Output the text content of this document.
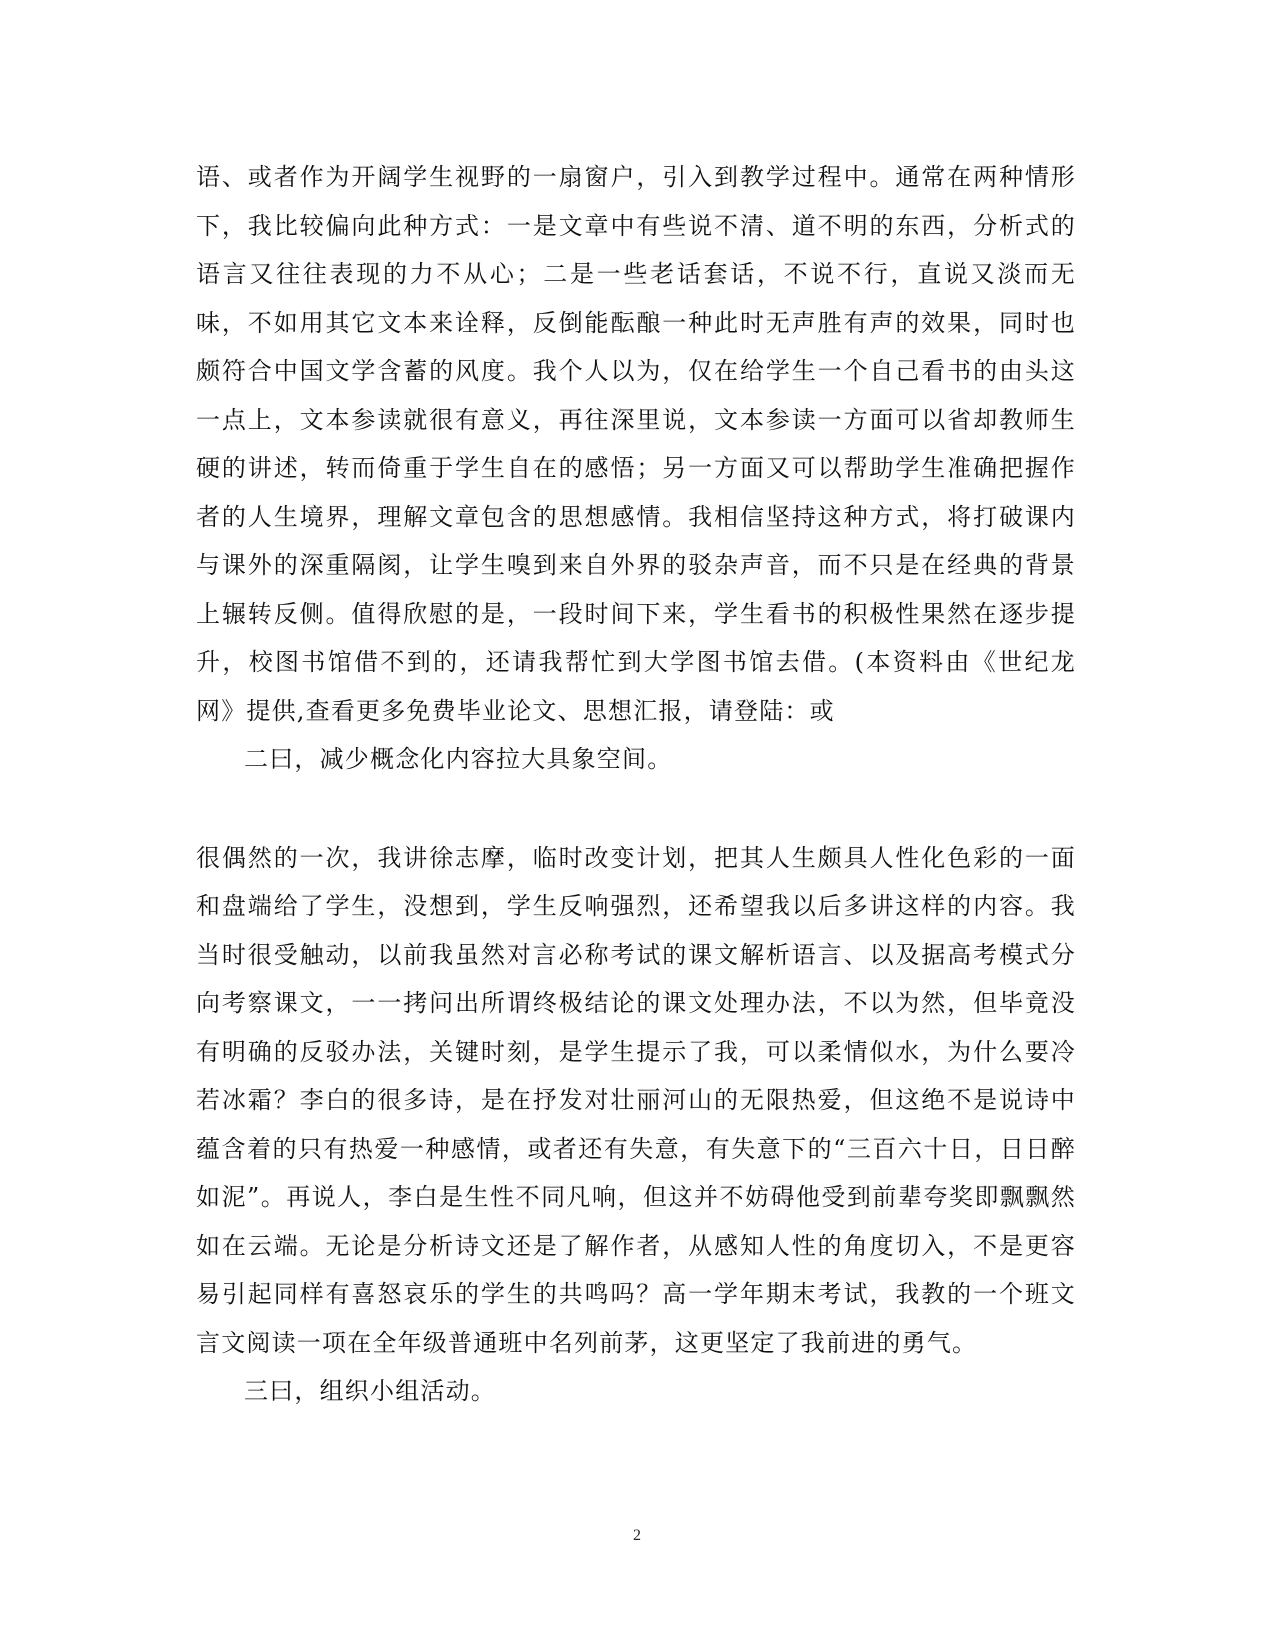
语、或者作为开阔学生视野的一扇窗户，引入到教学过程中。通常在两种情形下，我比较偏向此种方式：一是文章中有些说不清、道不明的东西，分析式的语言又往往表现的力不从心；二是一些老话套话，不说不行，直说又淡而无味，不如用其它文本来诠释，反倒能酝酿一种此时无声胜有声的效果，同时也颇符合中国文学含蓄的风度。我个人以为，仅在给学生一个自己看书的由头这一点上，文本参读就很有意义，再往深里说，文本参读一方面可以省却教师生硬的讲述，转而倚重于学生自在的感悟；另一方面又可以帮助学生准确把握作者的人生境界，理解文章包含的思想感情。我相信坚持这种方式，将打破课内与课外的深重隔阂，让学生嗅到来自外界的驳杂声音，而不只是在经典的背景上辗转反侧。值得欣慰的是，一段时间下来，学生看书的积极性果然在逐步提升，校图书馆借不到的，还请我帮忙到大学图书馆去借。(本资料由《世纪龙网》提供,查看更多免费毕业论文、思想汇报，请登陆：或

二曰，减少概念化内容拉大具象空间。

很偶然的一次，我讲徐志摩，临时改变计划，把其人生颇具人性化色彩的一面和盘端给了学生，没想到，学生反响强烈，还希望我以后多讲这样的内容。我当时很受触动，以前我虽然对言必称考试的课文解析语言、以及据高考模式分向考察课文，一一拷问出所谓终极结论的课文处理办法，不以为然，但毕竟没有明确的反驳办法，关键时刻，是学生提示了我，可以柔情似水，为什么要冷若冰霜？李白的很多诗，是在抒发对壮丽河山的无限热爱，但这绝不是说诗中蕴含着的只有热爱一种感情，或者还有失意，有失意下的“三百六十日，日日醉如泥”。再说人，李白是生性不同凡响，但这并不妨碍他受到前辈夸奖即飘飘然如在云端。无论是分析诗文还是了解作者，从感知人性的角度切入，不是更容易引起同样有喜怒哀乐的学生的共鸣吗？高一学年期末考试，我教的一个班文言文阅读一项在全年级普通班中名列前茅，这更坚定了我前进的勇气。

三曰，组织小组活动。

2
